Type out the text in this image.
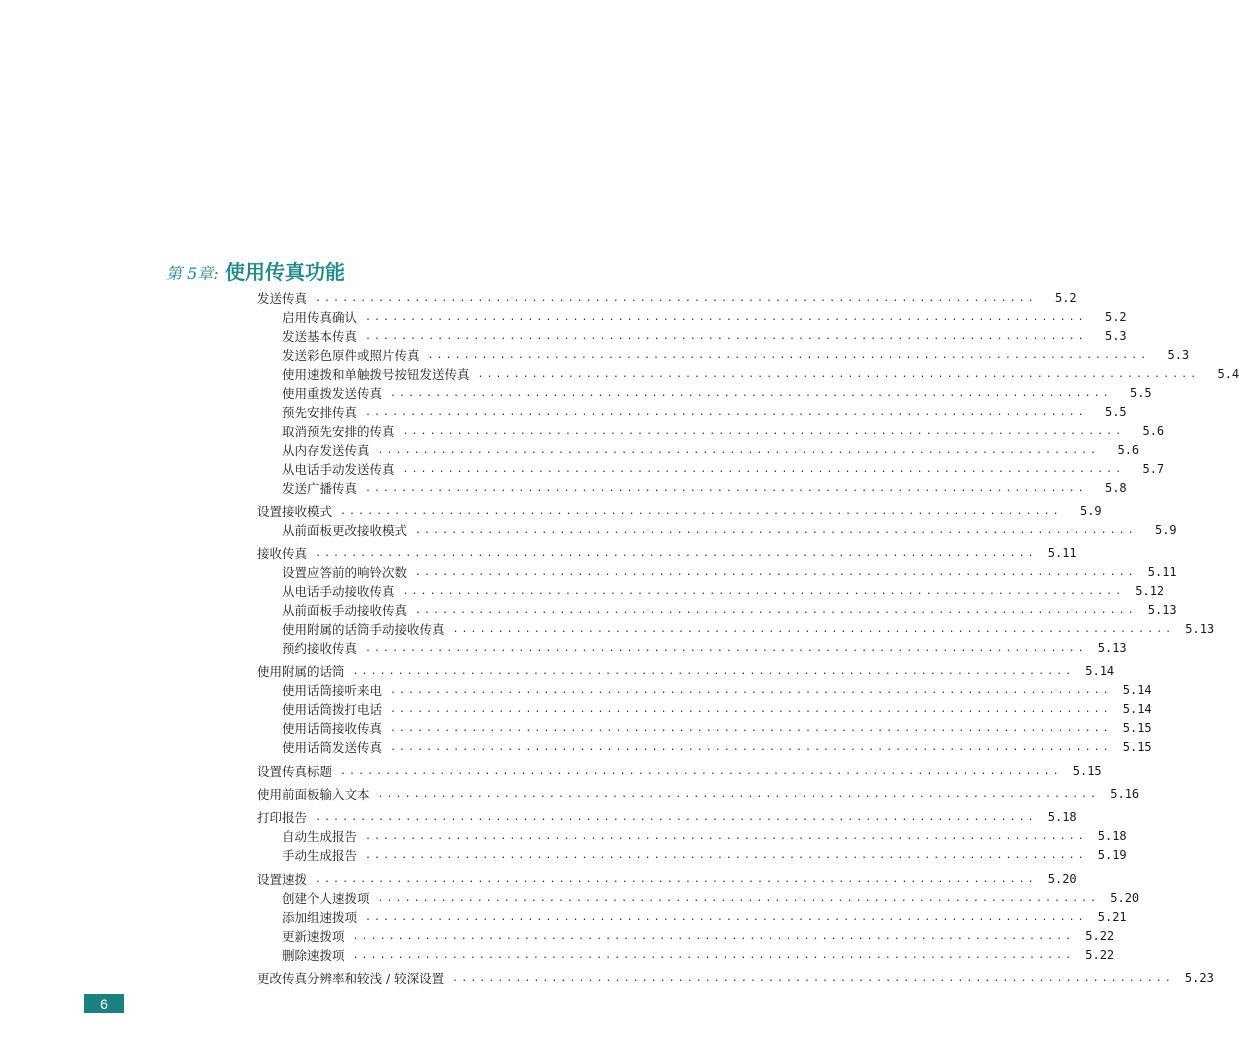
第 5章: 使用传真功能
发送传真 ................................................................................	5.2
启用传真确认 ................................................................................	5.2
发送基本传真 ................................................................................	5.3
发送彩色原件或照片传真 ................................................................................	5.3
使用速拨和单触拨号按钮发送传真 ................................................................................	5.4
使用重拨发送传真 ................................................................................	5.5
预先安排传真 ................................................................................	5.5
取消预先安排的传真 ................................................................................	5.6
从内存发送传真 ................................................................................	5.6
从电话手动发送传真 ................................................................................	5.7
发送广播传真 ................................................................................	5.8
设置接收模式 ................................................................................	5.9
从前面板更改接收模式 ................................................................................	5.9
接收传真 ................................................................................ 5.11
设置应答前的响铃次数 ................................................................................ 5.11
从电话手动接收传真 ................................................................................ 5.12
从前面板手动接收传真 ................................................................................ 5.13
使用附属的话筒手动接收传真 ................................................................................ 5.13
预约接收传真 ................................................................................ 5.13
使用附属的话筒 ................................................................................ 5.14
使用话筒接听来电 ................................................................................ 5.14
使用话筒拨打电话 ................................................................................ 5.14
使用话筒接收传真 ................................................................................ 5.15
使用话筒发送传真 ................................................................................ 5.15
设置传真标题 ................................................................................ 5.15
使用前面板输入文本 ................................................................................ 5.16
打印报告 ................................................................................ 5.18
自动生成报告 ................................................................................ 5.18
手动生成报告 ................................................................................ 5.19
设置速拨 ................................................................................ 5.20
创建个人速拨项 ................................................................................ 5.20
添加组速拨项 ................................................................................ 5.21
更新速拨项 ................................................................................ 5.22
删除速拨项 ................................................................................ 5.22
更改传真分辨率和较浅 / 较深设置 ................................................................................ 5.23
6
